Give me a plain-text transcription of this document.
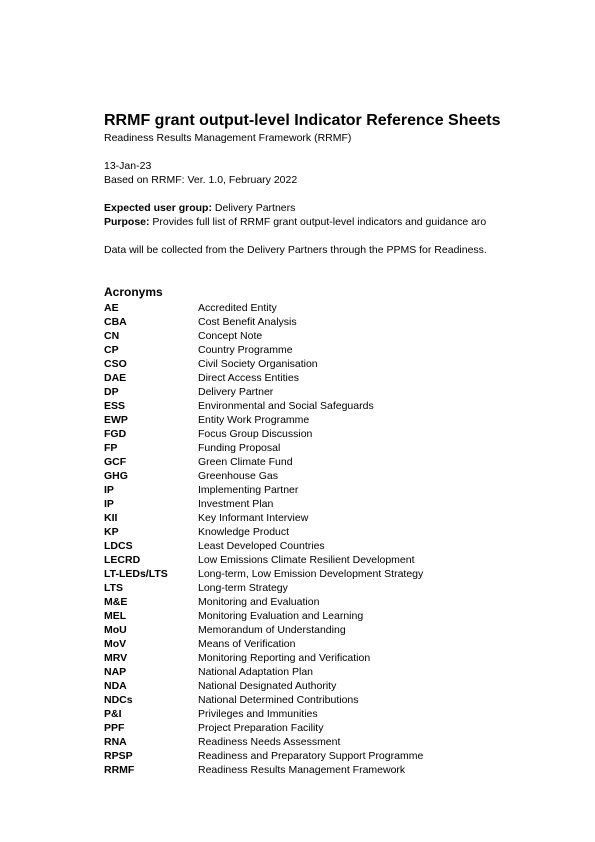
RRMF grant output-level Indicator Reference Sheets
Readiness Results Management Framework (RRMF)
13-Jan-23
Based on RRMF: Ver. 1.0, February 2022
Expected user group: Delivery Partners
Purpose: Provides full list of RRMF grant output-level indicators and guidance aro
Data will be collected from the Delivery Partners through the PPMS for Readiness.
Acronyms
AE	Accredited Entity
CBA	Cost Benefit Analysis
CN	Concept Note
CP	Country Programme
CSO	Civil Society Organisation
DAE	Direct Access Entities
DP	Delivery Partner
ESS	Environmental and Social Safeguards
EWP	Entity Work Programme
FGD	Focus Group Discussion
FP	Funding Proposal
GCF	Green Climate Fund
GHG	Greenhouse Gas
IP	Implementing Partner
IP	Investment Plan
KII	Key Informant Interview
KP	Knowledge Product
LDCS	Least Developed Countries
LECRD	Low Emissions Climate Resilient Development
LT-LEDs/LTS	Long-term, Low Emission Development Strategy
LTS	Long-term Strategy
M&E	Monitoring and Evaluation
MEL	Monitoring Evaluation and Learning
MoU	Memorandum of Understanding
MoV	Means of Verification
MRV	Monitoring Reporting and Verification
NAP	National Adaptation Plan
NDA	National Designated Authority
NDCs	National Determined Contributions
P&I	Privileges and Immunities
PPF	Project Preparation Facility
RNA	Readiness Needs Assessment
RPSP	Readiness and Preparatory Support Programme
RRMF	Readiness Results Management Framework
